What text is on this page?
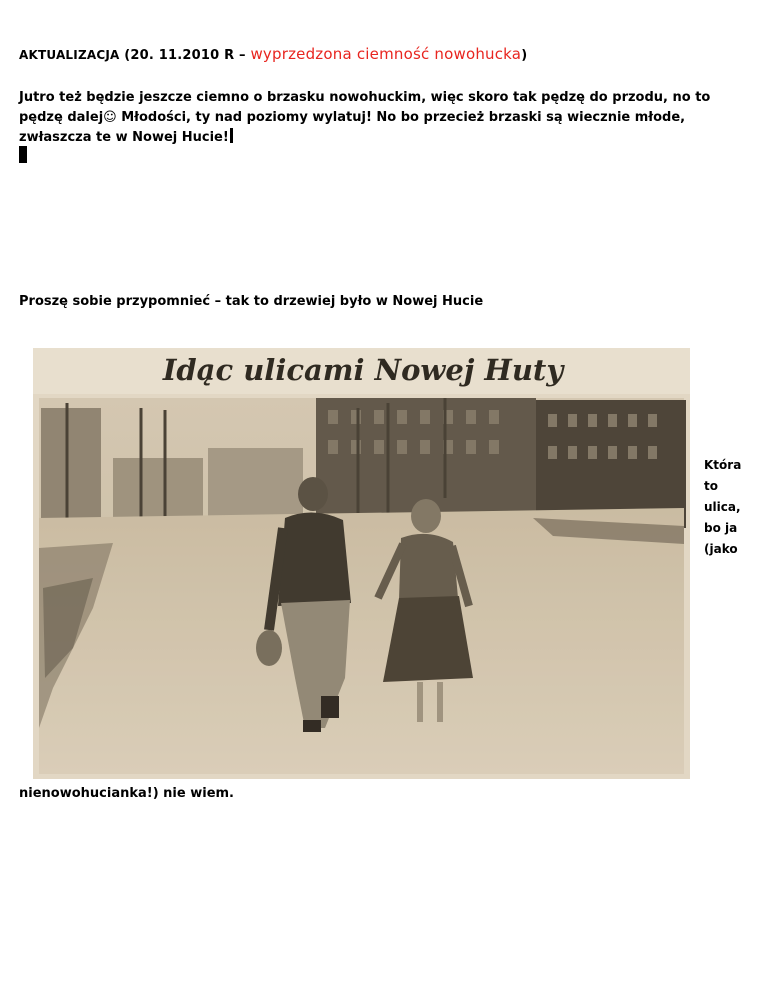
AKTUALIZACJA (20. 11.2010 R – wyprzedzona ciemność nowohucka)
Jutro też będzie jeszcze ciemno o brzasku nowohuckim, więc skoro tak pędzę do przodu, no to pędzę dalej☺ Młodości, ty nad poziomy wylatuj! No bo przecież brzaski są wiecznie młode, zwłaszcza te w Nowej Hucie!
Proszę sobie przypomnieć – tak to drzewiej było w Nowej Hucie
Idąc ulicami Nowej Huty
Która to ulica, bo ja (jako
nienowohucianka!) nie wiem.
